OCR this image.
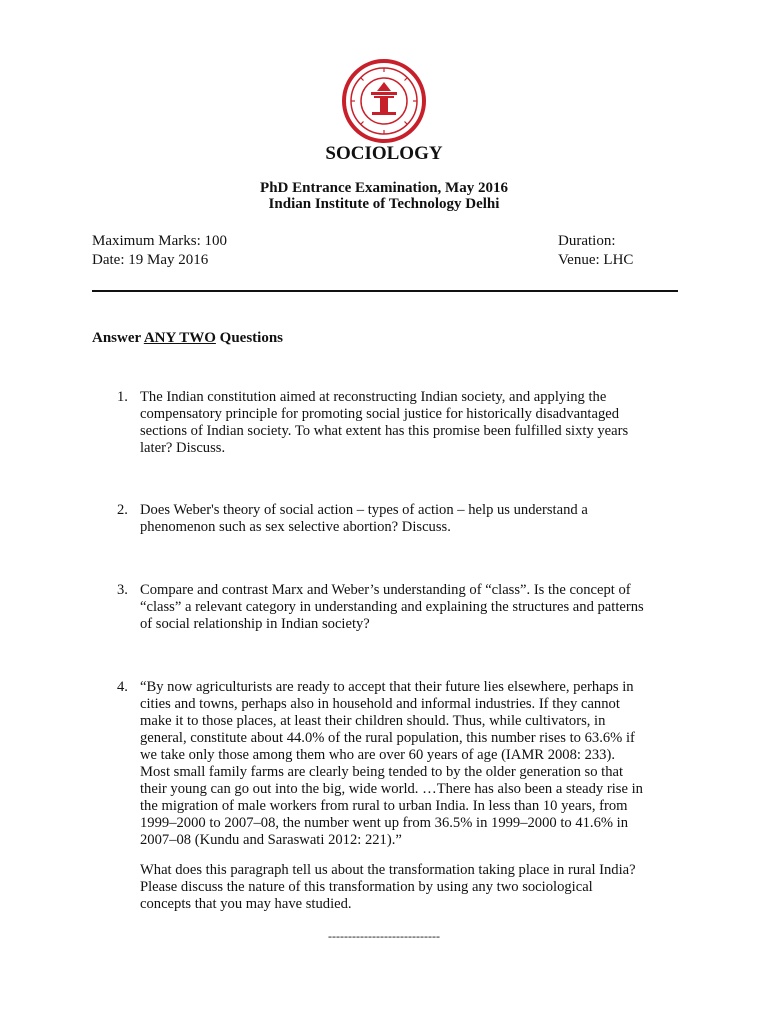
SOCIOLOGY
PhD Entrance Examination, May 2016
Indian Institute of Technology Delhi
Maximum Marks: 100
Date: 19 May 2016
Duration:
Venue: LHC
Answer ANY TWO Questions
1. The Indian constitution aimed at reconstructing Indian society, and applying the
compensatory principle for promoting social justice for historically disadvantaged
sections of Indian society. To what extent has this promise been fulfilled sixty years
later? Discuss.
2. Does Weber's theory of social action – types of action – help us understand a
phenomenon such as sex selective abortion? Discuss.
3. Compare and contrast Marx and Weber’s understanding of “class”. Is the concept of
“class” a relevant category in understanding and explaining the structures and patterns
of social relationship in Indian society?
4. “By now agriculturists are ready to accept that their future lies elsewhere, perhaps in
cities and towns, perhaps also in household and informal industries. If they cannot
make it to those places, at least their children should. Thus, while cultivators, in
general, constitute about 44.0% of the rural population, this number rises to 63.6% if
we take only those among them who are over 60 years of age (IAMR 2008: 233).
Most small family farms are clearly being tended to by the older generation so that
their young can go out into the big, wide world. …There has also been a steady rise in
the migration of male workers from rural to urban India. In less than 10 years, from
1999–2000 to 2007–08, the number went up from 36.5% in 1999–2000 to 41.6% in
2007–08 (Kundu and Saraswati 2012: 221).”
What does this paragraph tell us about the transformation taking place in rural India?
Please discuss the nature of this transformation by using any two sociological
concepts that you may have studied.
----------------------------
